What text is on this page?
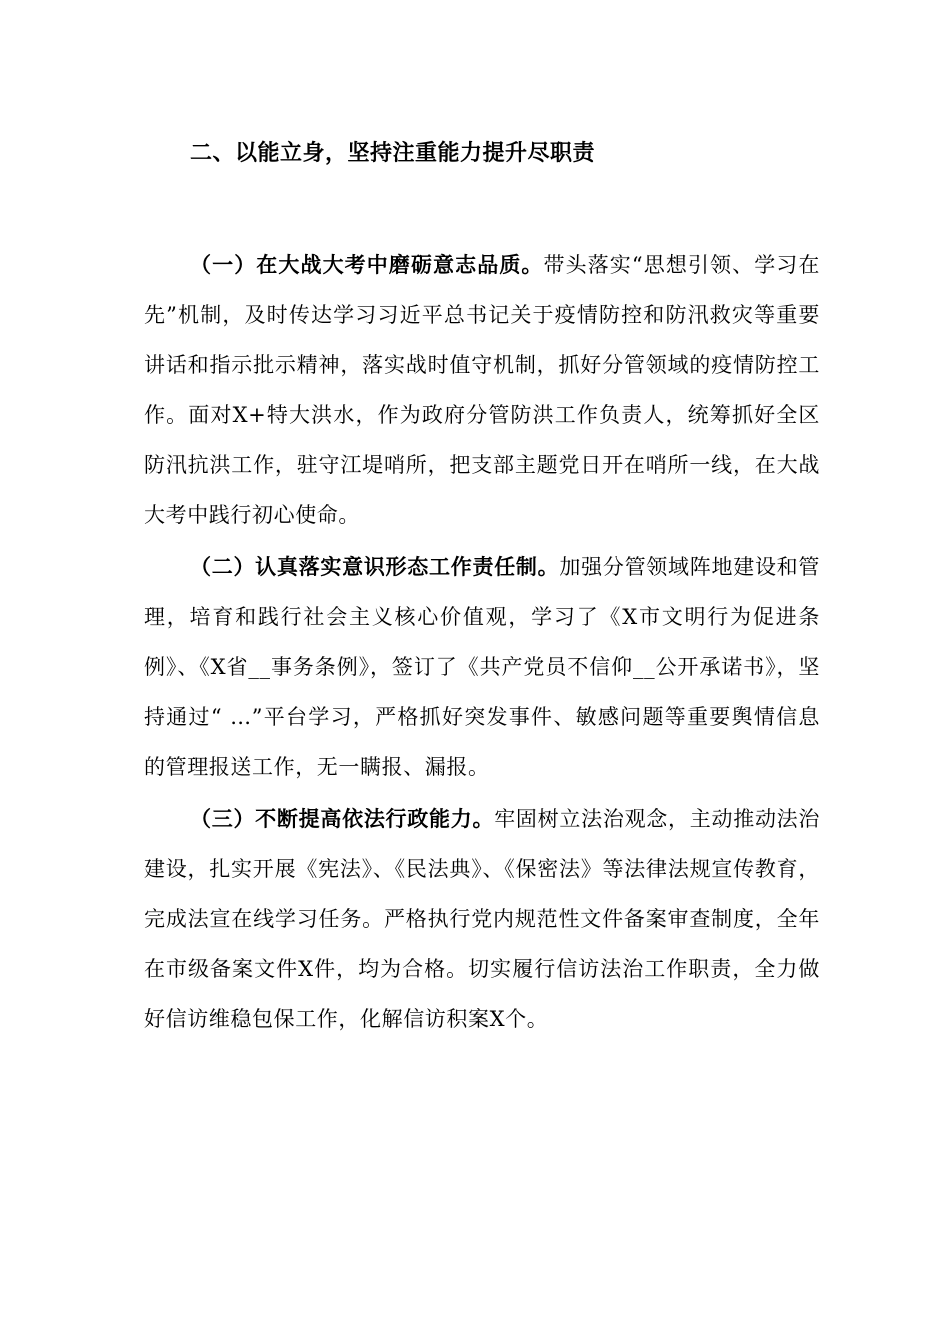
二、以能立身，坚持注重能力提升尽职责

（一）在大战大考中磨砺意志品质。带头落实“思想引领、学习在先”机制，及时传达学习习近平总书记关于疫情防控和防汛救灾等重要讲话和指示批示精神，落实战时值守机制，抓好分管领域的疫情防控工作。面对X+特大洪水，作为政府分管防洪工作负责人，统筹抓好全区防汛抗洪工作，驻守江堤哨所，把支部主题党日开在哨所一线，在大战大考中践行初心使命。

（二）认真落实意识形态工作责任制。加强分管领域阵地建设和管理，培育和践行社会主义核心价值观，学习了《X市文明行为促进条例》、《X省__事务条例》，签订了《共产党员不信仰__公开承诺书》，坚持通过“ …”平台学习，严格抓好突发事件、敏感问题等重要舆情信息的管理报送工作，无一瞒报、漏报。

（三）不断提高依法行政能力。牢固树立法治观念，主动推动法治建设，扎实开展《宪法》、《民法典》、《保密法》等法律法规宣传教育，完成法宣在线学习任务。严格执行党内规范性文件备案审查制度，全年在市级备案文件X件，均为合格。切实履行信访法治工作职责，全力做好信访维稳包保工作，化解信访积案X个。
